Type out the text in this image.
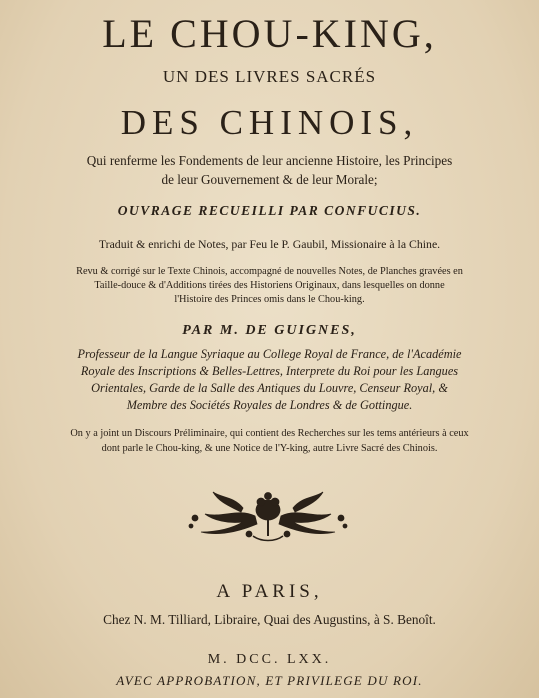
LE CHOU-KING,

UN DES LIVRES SACRÉS

DES CHINOIS,

Qui renferme les Fondements de leur ancienne Histoire, les Principes

de leur Gouvernement & de leur Morale;

OUVRAGE RECUEILLI PAR CONFUCIUS.

Traduit & enrichi de Notes, par Feu le P. Gaubil, Missionaire à la Chine.

Revu & corrigé sur le Texte Chinois, accompagné de nouvelles Notes, de Planches gravées en

Taille-douce & d'Additions tirées des Historiens Originaux, dans lesquelles on donne

l'Histoire des Princes omis dans le Chou-king.

PAR M. DE GUIGNES,

Professeur de la Langue Syriaque au College Royal de France, de l'Académie

Royale des Inscriptions & Belles-Lettres, Interprete du Roi pour les Langues

Orientales, Garde de la Salle des Antiques du Louvre, Censeur Royal, &

Membre des Sociétés Royales de Londres & de Gottingue.

On y a joint un Discours Préliminaire, qui contient des Recherches sur les tems antérieurs à ceux

dont parle le Chou-king, & une Notice de l'Y-king, autre Livre Sacré des Chinois.

A PARIS,

Chez N. M. Tilliard, Libraire, Quai des Augustins, à S. Benoît.

M. DCC. LXX.

AVEC APPROBATION, ET PRIVILEGE DU ROI.
